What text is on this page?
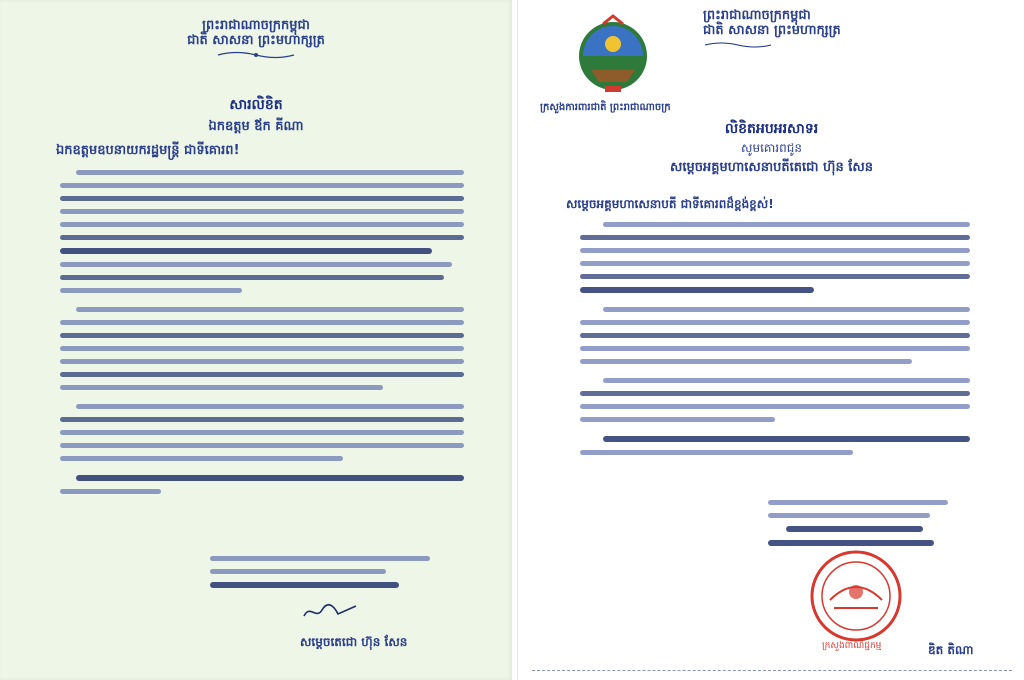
ព្រះរាជាណាចក្រកម្ពុជា
ជាតិ សាសនា ព្រះមហាក្សត្រ
សារលិខិត
ឯកឧត្តម ឪក គីណា
ឯកឧត្តមឧបនាយករដ្ឋមន្ត្រី ជាទីគោរព!
សម្ដេចតេជោ ហ៊ុន សែន
ក្រសួងការពារជាតិ ព្រះរាជាណាចក្រ
ព្រះរាជាណាចក្រកម្ពុជា
ជាតិ សាសនា ព្រះមហាក្សត្រ
លិខិតអបអរសាទរ
សូមគោរពជូន
សម្តេចអគ្គមហាសេនាបតីតេជោ ហ៊ុន សែន
សម្តេចអគ្គមហាសេនាបតី ជាទីគោរពដ៏ខ្ពង់ខ្ពស់!
ក្រសួងពាណិជ្ជកម្ម	ឌិត តិណា
